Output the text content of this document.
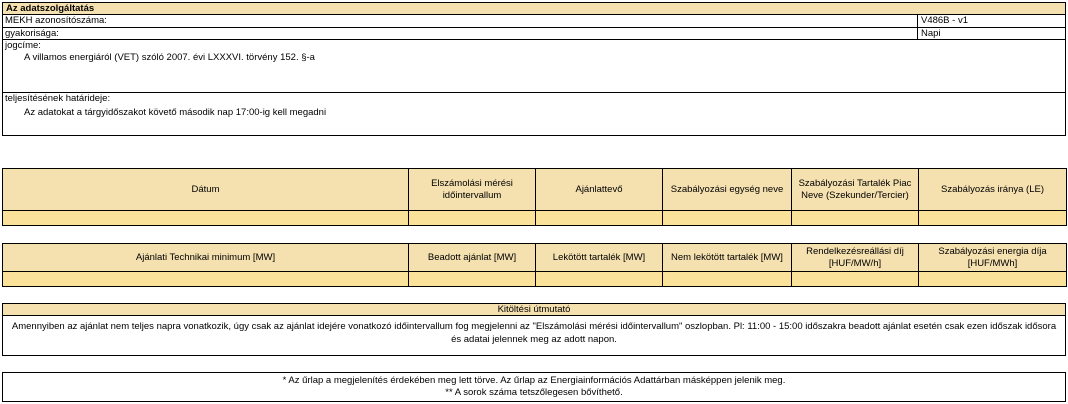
Az adatszolgáltatás
MEKH azonosítószáma:	V486B - v1
gyakorisága:	Napi
jogcíme:
A villamos energiáról (VET) szóló 2007. évi LXXXVI. törvény 152. §-a
teljesítésének határideje:
Az adatokat a tárgyidőszakot követő második nap 17:00-ig kell megadni
Dátum	Elszámolási mérési időintervallum	Ajánlattevő	Szabályozási egység neve	Szabályozási Tartalék Piac Neve (Szekunder/Tercier)	Szabályozás iránya (LE)

Ajánlati Technikai minimum [MW]	Beadott ajánlat [MW]	Lekötött tartalék [MW]	Nem lekötött tartalék [MW]	Rendelkezésreállási díj [HUF/MW/h]	Szabályozási energia díja [HUF/MWh]

Kitöltési útmutató
Amennyiben az ajánlat nem teljes napra vonatkozik, úgy csak az ajánlat idejére vonatkozó időintervallum fog megjelenni az "Elszámolási mérési időintervallum" oszlopban. Pl: 11:00 - 15:00 időszakra beadott ajánlat esetén csak ezen időszak idősora és adatai jelennek meg az adott napon.
* Az űrlap a megjelenítés érdekében meg lett törve. Az űrlap az Energiainformációs Adattárban másképpen jelenik meg.
** A sorok száma tetszőlegesen bővíthető.
